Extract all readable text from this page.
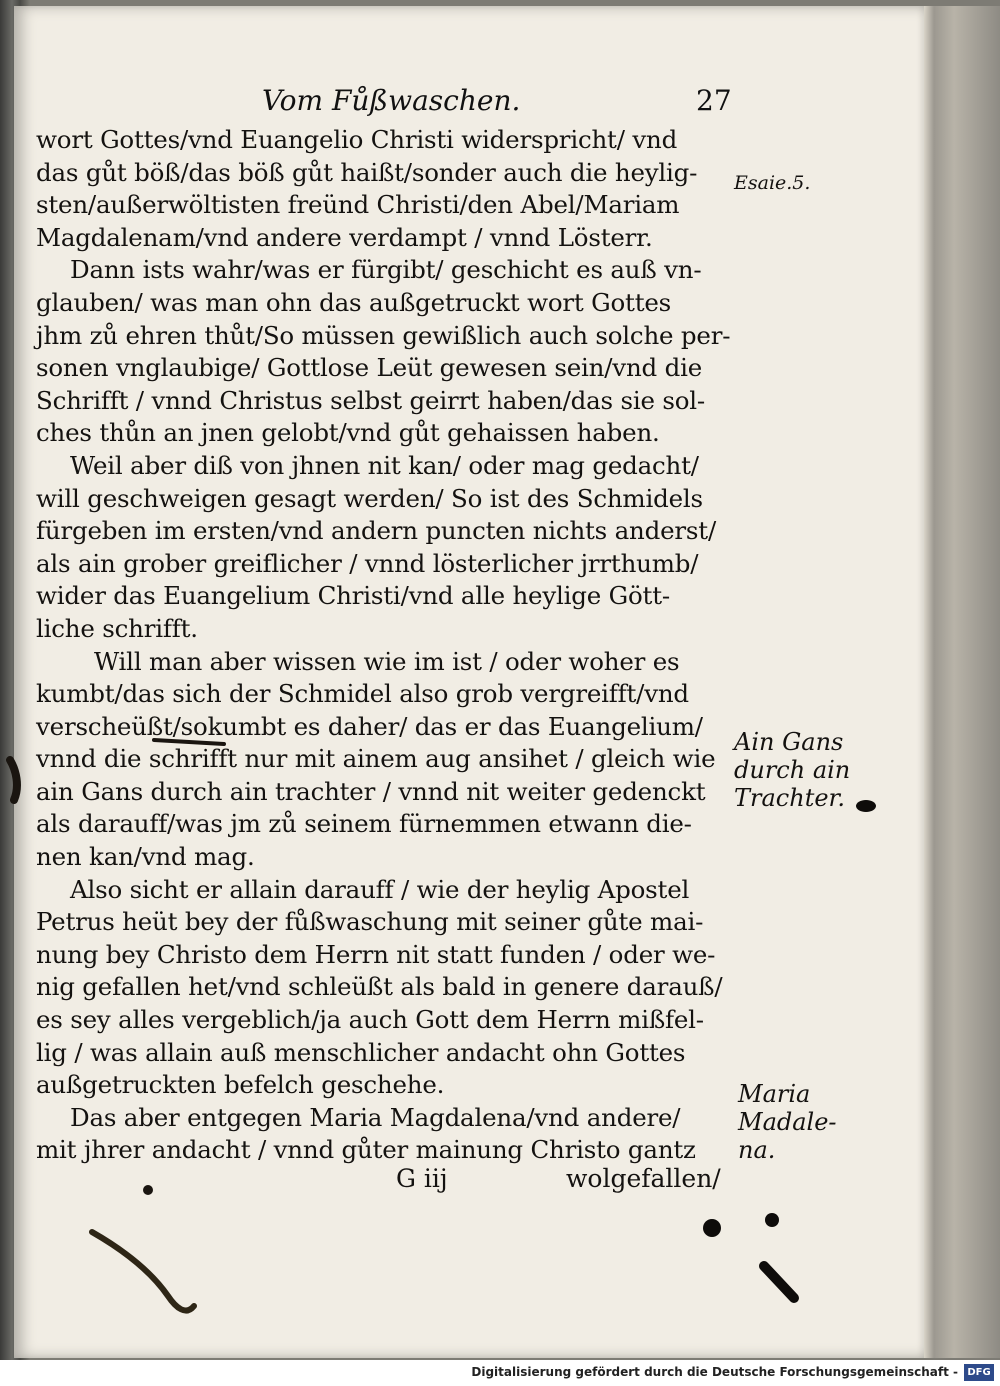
Vom Fůßwaschen.	27
wort Gottes/vnd Euangelio Christi widerspricht/ vnd
das gůt böß/das böß gůt haißt/sonder auch die heylig-
sten/außerwöltisten freünd Christi/den Abel/Mariam
Magdalenam/vnd andere verdampt / vnnd Lösterr.
Dann ists wahr/was er fürgibt/ geschicht es auß vn-
glauben/ was man ohn das außgetruckt wort Gottes
jhm zů ehren thůt/So müssen gewißlich auch solche per-
sonen vnglaubige/ Gottlose Leüt gewesen sein/vnd die
Schrifft / vnnd Christus selbst geirrt haben/das sie sol-
ches thůn an jnen gelobt/vnd gůt gehaissen haben.
Weil aber diß von jhnen nit kan/ oder mag gedacht/
will geschweigen gesagt werden/ So ist des Schmidels
fürgeben im ersten/vnd andern puncten nichts anderst/
als ain grober greiflicher / vnnd lösterlicher jrrthumb/
wider das Euangelium Christi/vnd alle heylige Gött-
liche schrifft.
Will man aber wissen wie im ist / oder woher es
kumbt/das sich der Schmidel also grob vergreifft/vnd
verscheüßt/sokumbt es daher/ das er das Euangelium/
vnnd die schrifft nur mit ainem aug ansihet / gleich wie
ain Gans durch ain trachter / vnnd nit weiter gedenckt
als darauff/was jm zů seinem fürnemmen etwann die-
nen kan/vnd mag.
Also sicht er allain darauff / wie der heylig Apostel
Petrus heüt bey der fůßwaschung mit seiner gůte mai-
nung bey Christo dem Herrn nit statt funden / oder we-
nig gefallen het/vnd schleüßt als bald in genere darauß/
es sey alles vergeblich/ja auch Gott dem Herrn mißfel-
lig / was allain auß menschlicher andacht ohn Gottes
außgetruckten befelch geschehe.
Das aber entgegen Maria Magdalena/vnd andere/
mit jhrer andacht / vnnd gůter mainung Christo gantz
Esaie.5.
Ain Gans
durch ain
Trachter.
Maria
Madale-
na.
G iij	wolgefallen/
Digitalisierung gefördert durch die Deutsche Forschungsgemeinschaft - DFG
